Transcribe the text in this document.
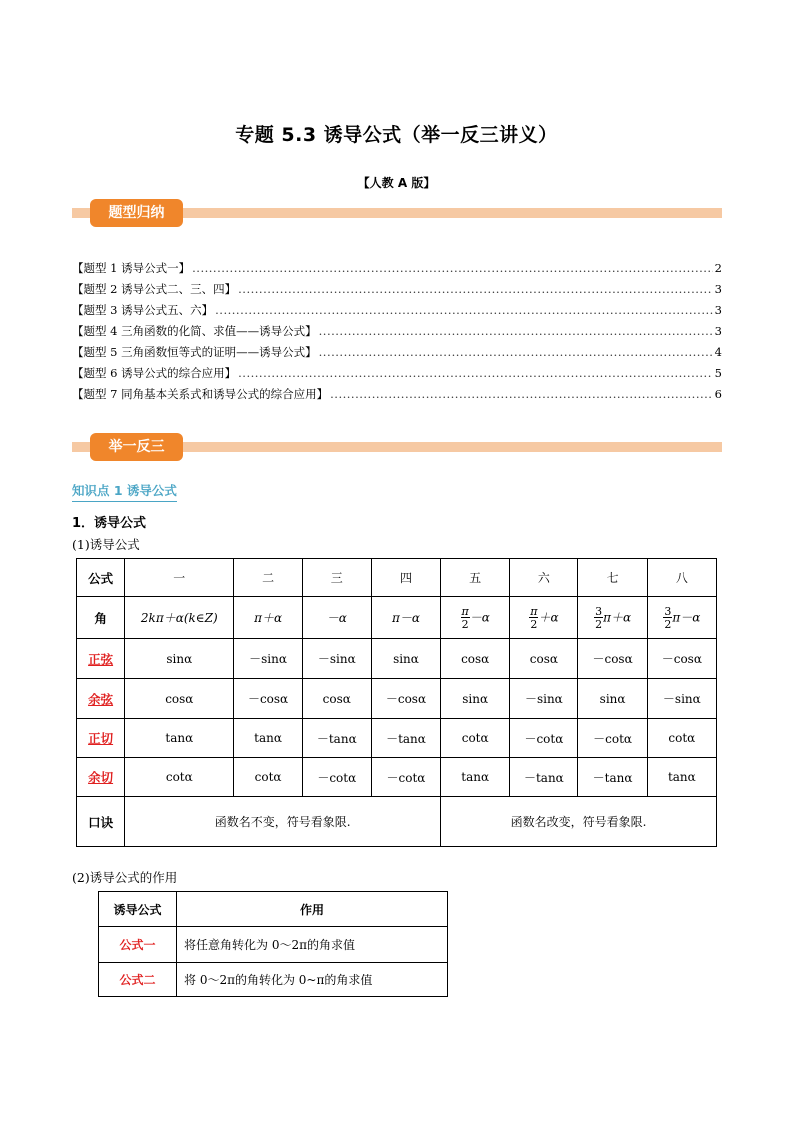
专题 5.3 诱导公式（举一反三讲义）
【人教 A 版】
题型归纳
【题型 1 诱导公式一】 .....	2
【题型 2 诱导公式二、三、四】 .....	3
【题型 3 诱导公式五、六】 .....	3
【题型 4 三角函数的化简、求值——诱导公式】 .....	3
【题型 5 三角函数恒等式的证明——诱导公式】 .....	4
【题型 6 诱导公式的综合应用】 .....	5
【题型 7 同角基本关系式和诱导公式的综合应用】 .....	6
举一反三
知识点 1 诱导公式
1．诱导公式
(1)诱导公式
公式	一	二	三	四	五	六	七	八
角	2kπ＋α(k∈Z)	π＋α	－α	π－α	$\frac{\pi}{2} -\alpha$	$\frac{\pi}{2} +\alpha$	$\frac{3}{2} \pi+\alpha$	$\frac{3}{2} \pi-\alpha$
正弦	sinα	－sinα	－sinα	sinα	cosα	cosα	－cosα	－cosα
余弦	cosα	－cosα	cosα	－cosα	sinα	－sinα	sinα	－sinα
正切	tanα	tanα	－tanα	－tanα	cotα	－cotα	－cotα	cotα
余切	cotα	cotα	－cotα	－cotα	tanα	－tanα	－tanα	tanα
口诀	函数名不变，符号看象限.				函数名改变，符号看象限.			
(2)诱导公式的作用
诱导公式	作用
公式一	将任意角转化为 0～2π的角求值
公式二	将 0～2π的角转化为 0~π的角求值
